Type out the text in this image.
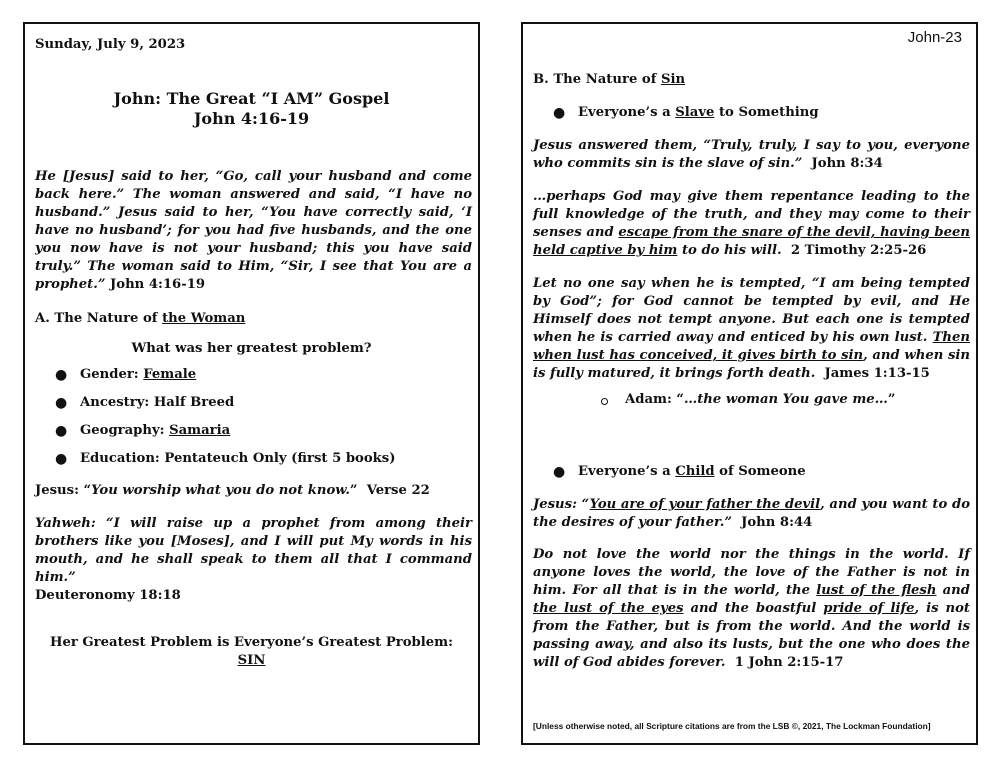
Sunday, July 9, 2023
John: The Great “I AM” Gospel
John 4:16-19
He [Jesus] said to her, “Go, call your husband and come back here.” The woman answered and said, “I have no husband.” Jesus said to her, “You have correctly said, ‘I have no husband’; for you had five husbands, and the one you now have is not your husband; this you have said truly.” The woman said to Him, “Sir, I see that You are a prophet.” John 4:16-19
A. The Nature of the Woman
What was her greatest problem?
● Gender: Female
● Ancestry: Half Breed
● Geography: Samaria
● Education: Pentateuch Only (first 5 books)
Jesus: “You worship what you do not know.” Verse 22
Yahweh: “I will raise up a prophet from among their brothers like you [Moses], and I will put My words in his mouth, and he shall speak to them all that I command him.”
Deuteronomy 18:18
Her Greatest Problem is Everyone’s Greatest Problem:
SIN
John-23
B. The Nature of Sin
● Everyone’s a Slave to Something
Jesus answered them, “Truly, truly, I say to you, everyone who commits sin is the slave of sin.” John 8:34
…perhaps God may give them repentance leading to the full knowledge of the truth, and they may come to their senses and escape from the snare of the devil, having been held captive by him to do his will. 2 Timothy 2:25-26
Let no one say when he is tempted, “I am being tempted by God”; for God cannot be tempted by evil, and He Himself does not tempt anyone. But each one is tempted when he is carried away and enticed by his own lust. Then when lust has conceived, it gives birth to sin, and when sin is fully matured, it brings forth death. James 1:13-15
Adam: “…the woman You gave me…”
● Everyone’s a Child of Someone
Jesus: “You are of your father the devil, and you want to do the desires of your father.” John 8:44
Do not love the world nor the things in the world. If anyone loves the world, the love of the Father is not in him. For all that is in the world, the lust of the flesh and the lust of the eyes and the boastful pride of life, is not from the Father, but is from the world. And the world is passing away, and also its lusts, but the one who does the will of God abides forever. 1 John 2:15-17
[Unless otherwise noted, all Scripture citations are from the LSB ©, 2021, The Lockman Foundation]
